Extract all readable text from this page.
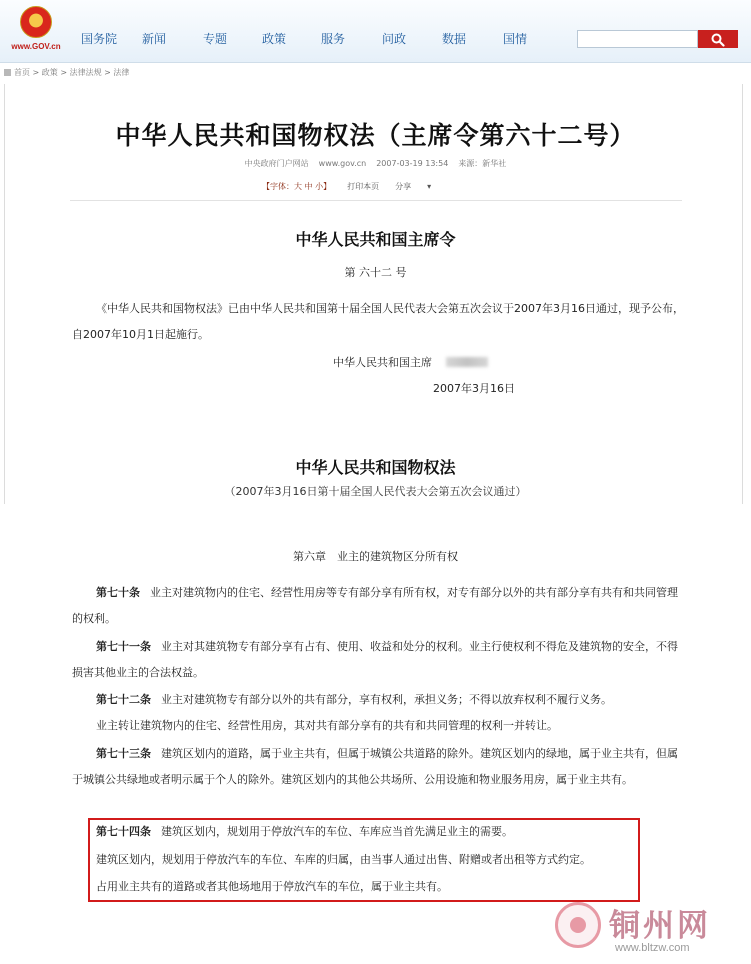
www.GOV.cn
国务院 新闻	专题	政策	服务	问政	数据	国情
首页 > 政策 > 法律法规 > 法律
中华人民共和国物权法（主席令第六十二号）
中央政府门户网站 www.gov.cn 2007-03-19 13:54 来源：新华社
【字体：大 中 小】 打印本页 分享 ▾
中华人民共和国主席令
第 六十二 号
《中华人民共和国物权法》已由中华人民共和国第十届全国人民代表大会第五次会议于2007年3月16日通过，现予公布，自2007年10月1日起施行。
中华人民共和国主席
2007年3月16日
中华人民共和国物权法
（2007年3月16日第十届全国人民代表大会第五次会议通过）
第六章　业主的建筑物区分所有权
第七十条 业主对建筑物内的住宅、经营性用房等专有部分享有所有权，对专有部分以外的共有部分享有共有和共同管理的权利。
第七十一条 业主对其建筑物专有部分享有占有、使用、收益和处分的权利。业主行使权利不得危及建筑物的安全，不得损害其他业主的合法权益。
第七十二条 业主对建筑物专有部分以外的共有部分，享有权利，承担义务；不得以放弃权利不履行义务。
业主转让建筑物内的住宅、经营性用房，其对共有部分享有的共有和共同管理的权利一并转让。
第七十三条 建筑区划内的道路，属于业主共有，但属于城镇公共道路的除外。建筑区划内的绿地，属于业主共有，但属于城镇公共绿地或者明示属于个人的除外。建筑区划内的其他公共场所、公用设施和物业服务用房，属于业主共有。
第七十四条 建筑区划内，规划用于停放汽车的车位、车库应当首先满足业主的需要。
建筑区划内，规划用于停放汽车的车位、车库的归属，由当事人通过出售、附赠或者出租等方式约定。
占用业主共有的道路或者其他场地用于停放汽车的车位，属于业主共有。
铜州网
www.bltzw.com
